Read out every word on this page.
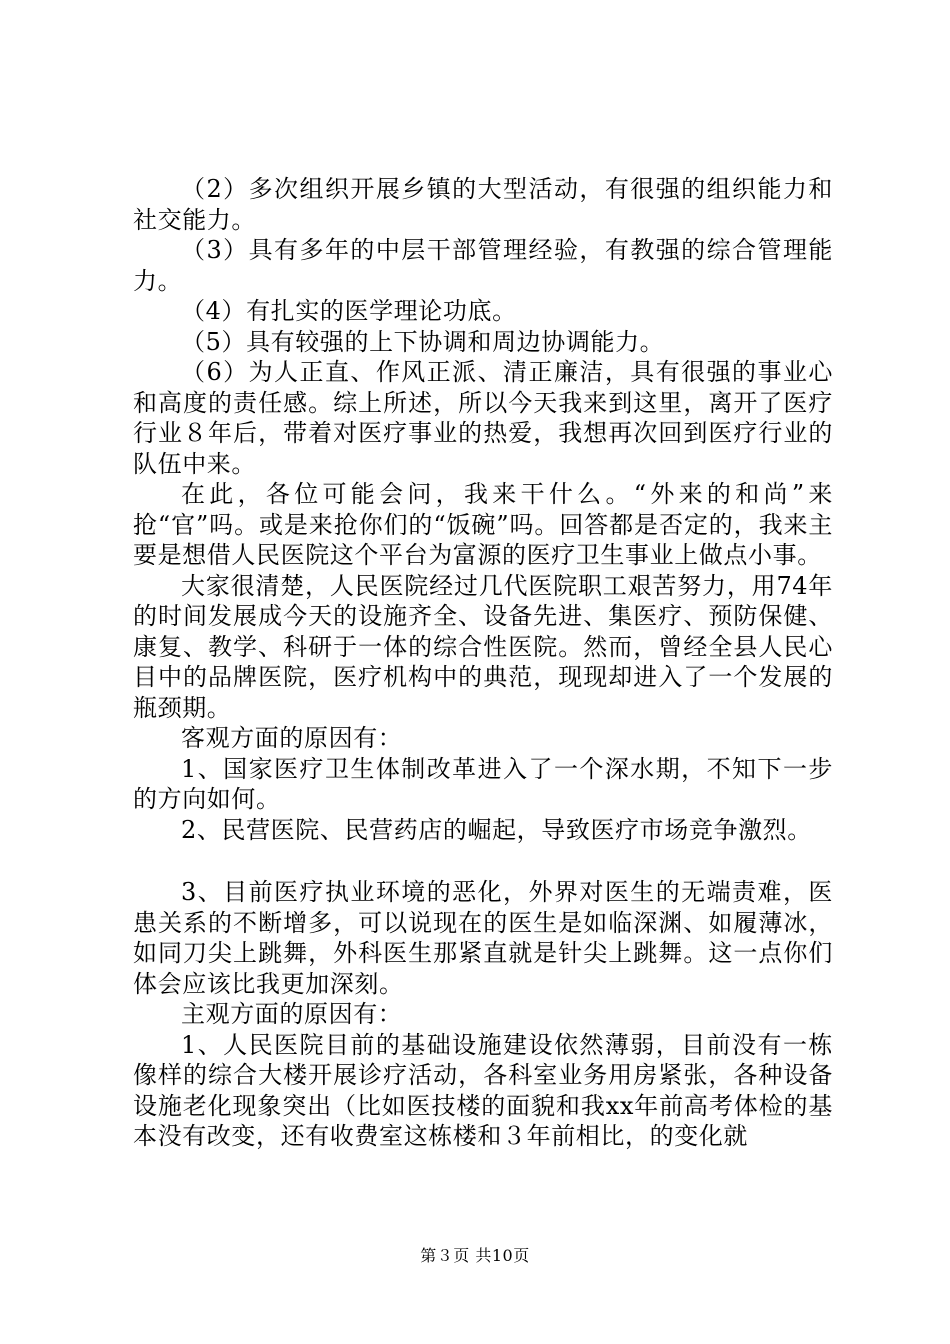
（2）多次组织开展乡镇的大型活动，有很强的组织能力和社交能力。

（3）具有多年的中层干部管理经验，有教强的综合管理能力。

（4）有扎实的医学理论功底。

（5）具有较强的上下协调和周边协调能力。

（6）为人正直、作风正派、清正廉洁，具有很强的事业心和高度的责任感。综上所述，所以今天我来到这里，离开了医疗行业８年后，带着对医疗事业的热爱，我想再次回到医疗行业的队伍中来。

在此，各位可能会问，我来干什么。“外来的和尚”来抢“官”吗。或是来抢你们的“饭碗”吗。回答都是否定的，我来主要是想借人民医院这个平台为富源的医疗卫生事业上做点小事。

大家很清楚，人民医院经过几代医院职工艰苦努力，用74年的时间发展成今天的设施齐全、设备先进、集医疗、预防保健、康复、教学、科研于一体的综合性医院。然而，曾经全县人民心目中的品牌医院，医疗机构中的典范，现现却进入了一个发展的瓶颈期。

客观方面的原因有：

1、国家医疗卫生体制改革进入了一个深水期，不知下一步的方向如何。

2、民营医院、民营药店的崛起，导致医疗市场竞争激烈。

3、目前医疗执业环境的恶化，外界对医生的无端责难，医患关系的不断增多，可以说现在的医生是如临深渊、如履薄冰，如同刀尖上跳舞，外科医生那紧直就是针尖上跳舞。这一点你们体会应该比我更加深刻。

主观方面的原因有：

1、人民医院目前的基础设施建设依然薄弱，目前没有一栋像样的综合大楼开展诊疗活动，各科室业务用房紧张，各种设备设施老化现象突出（比如医技楼的面貌和我xx年前高考体检的基本没有改变，还有收费室这栋楼和３年前相比，的变化就

第３页 共10页
